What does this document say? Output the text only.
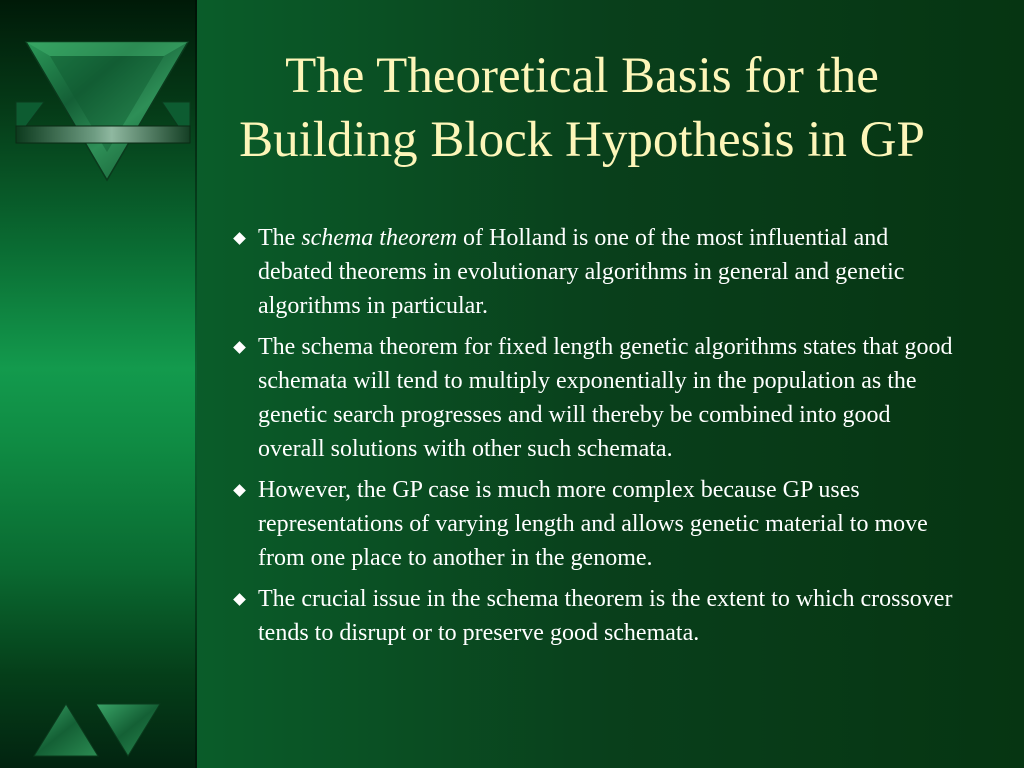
The Theoretical Basis for the
Building Block Hypothesis in GP
The schema theorem of Holland is one of the most influential and debated theorems in evolutionary algorithms in general and genetic algorithms in particular.
The schema theorem for fixed length genetic algorithms states that good schemata will tend to multiply exponentially in the population as the genetic search progresses and will thereby be combined into good overall solutions with other such schemata.
However, the GP case is much more complex because GP uses representations of varying length and allows genetic material to move from one place to another in the genome.
The crucial issue in the schema theorem is the extent to which crossover tends to disrupt or to preserve good schemata.
